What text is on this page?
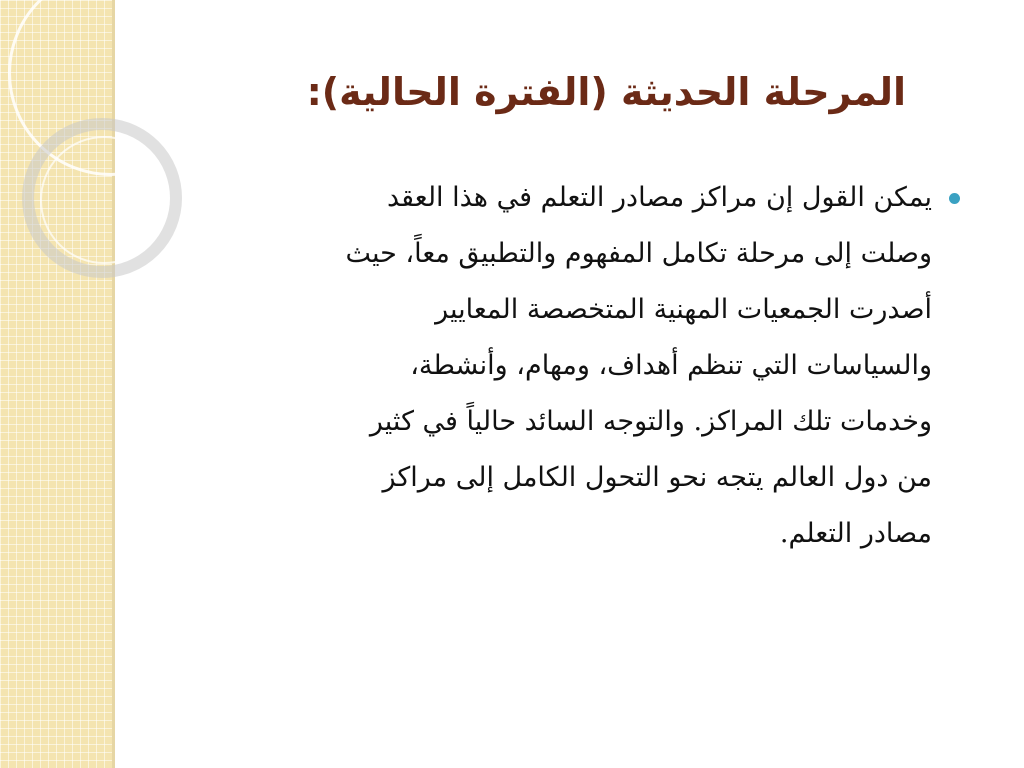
المرحلة الحديثة (الفترة الحالية):
يمكن القول إن مراكز مصادر التعلم في هذا العقد
وصلت إلى مرحلة تكامل المفهوم والتطبيق معاً، حيث
أصدرت الجمعيات المهنية المتخصصة المعايير
والسياسات التي تنظم أهداف، ومهام، وأنشطة،
وخدمات تلك المراكز. والتوجه السائد حالياً في كثير
من دول العالم يتجه نحو التحول الكامل إلى مراكز
مصادر التعلم.
